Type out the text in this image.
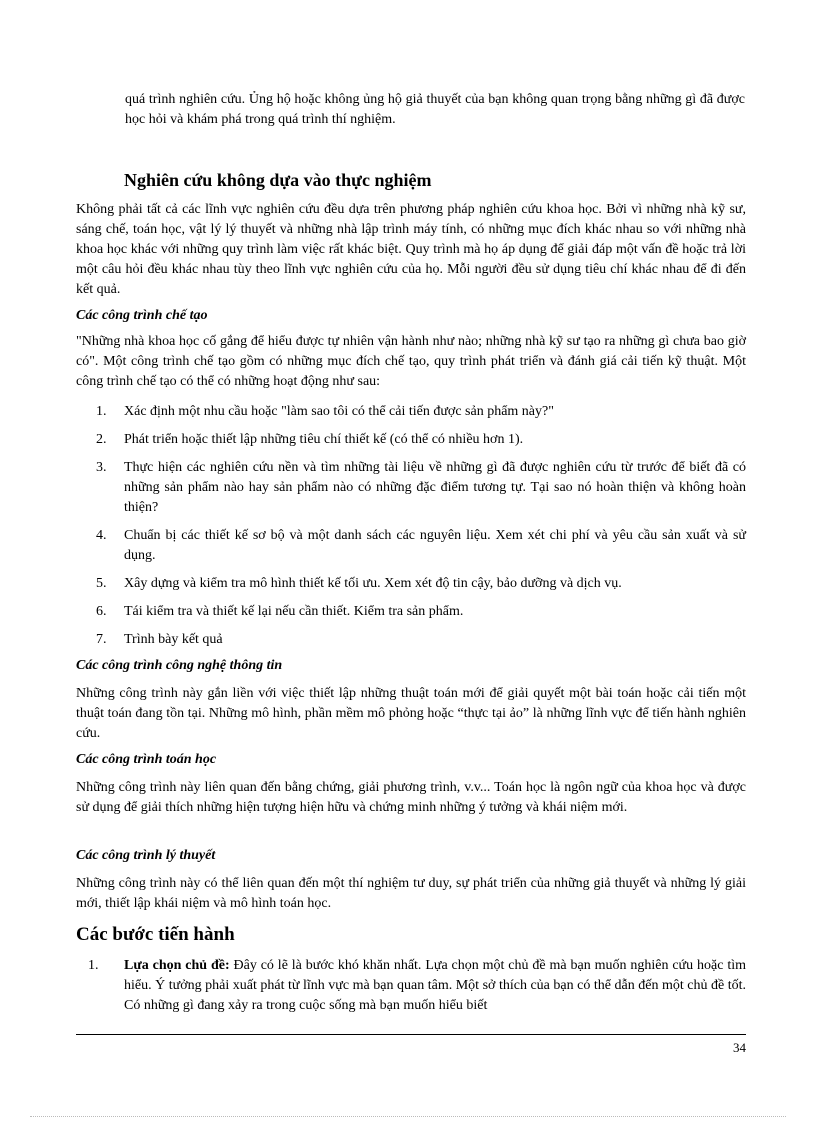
quá trình nghiên cứu. Ủng hộ hoặc không ủng hộ giả thuyết của bạn không quan trọng bằng những gì đã được học hỏi và khám phá trong quá trình thí nghiệm.

Nghiên cứu không dựa vào thực nghiệm

Không phải tất cả các lĩnh vực nghiên cứu đều dựa trên phương pháp nghiên cứu khoa học. Bởi vì những nhà kỹ sư, sáng chế, toán học, vật lý lý thuyết và những nhà lập trình máy tính, có những mục đích khác nhau so với những nhà khoa học khác với những quy trình làm việc rất khác biệt. Quy trình mà họ áp dụng để giải đáp một vấn đề hoặc trả lời một câu hỏi đều khác nhau tùy theo lĩnh vực nghiên cứu của họ. Mỗi người đều sử dụng tiêu chí khác nhau để đi đến kết quả.

Các công trình chế tạo

"Những nhà khoa học cố gắng để hiểu được tự nhiên vận hành như nào; những nhà kỹ sư tạo ra những gì chưa bao giờ có". Một công trình chế tạo gồm có những mục đích chế tạo, quy trình phát triển và đánh giá cải tiến kỹ thuật. Một công trình chế tạo có thể có những hoạt động như sau:

1. Xác định một nhu cầu hoặc "làm sao tôi có thể cải tiến được sản phẩm này?"
2. Phát triển hoặc thiết lập những tiêu chí thiết kế (có thể có nhiều hơn 1).
3. Thực hiện các nghiên cứu nền và tìm những tài liệu về những gì đã được nghiên cứu từ trước để biết đã có những sản phẩm nào hay sản phẩm nào có những đặc điểm tương tự. Tại sao nó hoàn thiện và không hoàn thiện?
4. Chuẩn bị các thiết kế sơ bộ và một danh sách các nguyên liệu. Xem xét chi phí và yêu cầu sản xuất và sử dụng.
5. Xây dựng và kiểm tra mô hình thiết kế tối ưu. Xem xét độ tin cậy, bảo dưỡng và dịch vụ.
6. Tái kiểm tra và thiết kế lại nếu cần thiết. Kiểm tra sản phẩm.
7. Trình bày kết quả
Các công trình công nghệ thông tin

Những công trình này gắn liền với việc thiết lập những thuật toán mới để giải quyết một bài toán hoặc cải tiến một thuật toán đang tồn tại. Những mô hình, phần mềm mô phỏng hoặc “thực tại ảo” là những lĩnh vực để tiến hành nghiên cứu.

Các công trình toán học

Những công trình này liên quan đến bằng chứng, giải phương trình, v.v... Toán học là ngôn ngữ của khoa học và được sử dụng để giải thích những hiện tượng hiện hữu và chứng minh những ý tưởng và khái niệm mới.

Các công trình lý thuyết

Những công trình này có thể liên quan đến một thí nghiệm tư duy, sự phát triển của những giả thuyết và những lý giải mới, thiết lập khái niệm và mô hình toán học.

Các bước tiến hành
1. Lựa chọn chủ đề: Đây có lẽ là bước khó khăn nhất. Lựa chọn một chủ đề mà bạn muốn nghiên cứu hoặc tìm hiểu. Ý tưởng phải xuất phát từ lĩnh vực mà bạn quan tâm. Một sở thích của bạn có thể dẫn đến một chủ đề tốt. Có những gì đang xảy ra trong cuộc sống mà bạn muốn hiểu biết
34
